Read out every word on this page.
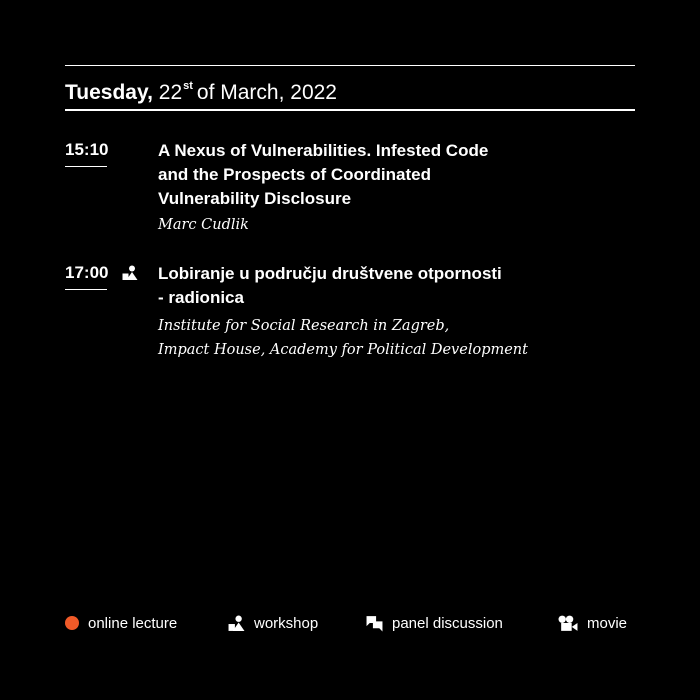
Tuesday, 22st of March, 2022
15:10	A Nexus of Vulnerabilities. Infested Code
and the Prospects of Coordinated
Vulnerability Disclosure
Marc Cudlik
17:00	Lobiranje u području društvene otpornosti
- radionica
Institute for Social Research in Zagreb,
Impact House, Academy for Political Development
online lecture	workshop	panel discussion	movie
